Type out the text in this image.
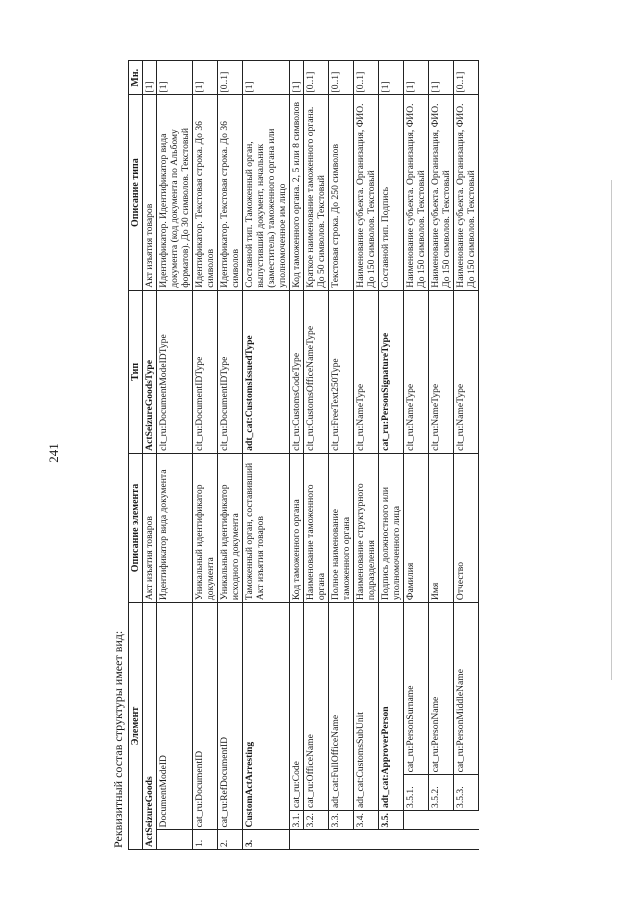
241
Реквизитный состав структуры имеет вид: Элемент				Описание элемента	Тип	Описание типа	Мн.
ActSeizureGoods				Акт изъятия товаров	ActSeizureGoodsType	Акт изъятия товаров	[1]
	DocumentModeID			Идентификатор вида документа	clt_ru:DocumentModeIDType	Идентификатор. Идентификатор вида документа (код документа по Альбому форматов). До 30 символов. Текстовый	[1]
1.	cat_ru:DocumentID			Уникальный идентификатор документа	clt_ru:DocumentIDType	Идентификатор. Текстовая строка. До 36 символов	[1]
2.	cat_ru:RefDocumentID			Уникальный идентификатор исходного документа	clt_ru:DocumentIDType	Идентификатор. Текстовая строка. До 36 символов	[0..1]
3.	CustomActArresting			Таможенный орган, составивший Акт изъятия товаров	adt_cat:CustomsIssuedType	Составной тип. Таможенный орган, выпустивший документ, начальник (заместитель) таможенного органа или уполномоченное им лицо	[1]
	3.1.	cat_ru:Code		Код таможенного органа	clt_ru:CustomsCodeType	Код таможенного органа. 2, 5 или 8 символов	[1]
	3.2.	cat_ru:OfficeName		Наименование таможенного органа	clt_ru:CustomsOfficeNameType	Краткое наименование таможенного органа. До 50 символов. Текстовый	[0..1]
	3.3.	adt_cat:FullOfficeName		Полное наименование таможенного органа	clt_ru:FreeText250Type	Текстовая строка. До 250 символов	[0..1]
	3.4.	adt_cat:CustomsSubUnit		Наименование структурного подразделения	clt_ru:NameType	Наименование субъекта. Организация, ФИО. До 150 символов. Текстовый	[0..1]
	3.5.	adt_cat:ApproverPerson		Подпись должностного или уполномоченного лица	cat_ru:PersonSignatureType	Составной тип. Подпись	[1]
		3.5.1.	cat_ru:PersonSurname	Фамилия	clt_ru:NameType	Наименование субъекта. Организация, ФИО. До 150 символов. Текстовый	[1]
		3.5.2.	cat_ru:PersonName	Имя	clt_ru:NameType	Наименование субъекта. Организация, ФИО. До 150 символов. Текстовый	[1]
		3.5.3.	cat_ru:PersonMiddleName	Отчество	clt_ru:NameType	Наименование субъекта. Организация, ФИО. До 150 символов. Текстовый	[0..1]
